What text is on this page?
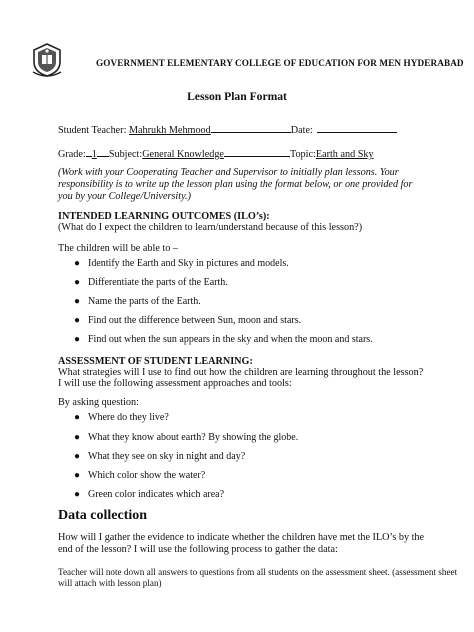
GOVERNMENT ELEMENTARY COLLEGE OF EDUCATION FOR MEN HYDERABAD
Lesson Plan Format
Student Teacher: Mahrukh Mehmood	Date:
Grade: 1 Subject:General Knowledge	Topic:Earth and Sky
(Work with your Cooperating Teacher and Supervisor to initially plan lessons. Your
responsibility is to write up the lesson plan using the format below, or one provided for
you by your College/University.)
INTENDED LEARNING OUTCOMES (ILO’s):
(What do I expect the children to learn/understand because of this lesson?)
The children will be able to –
● Identify the Earth and Sky in pictures and models.
● Differentiate the parts of the Earth.
● Name the parts of the Earth.
● Find out the difference between Sun, moon and stars.
● Find out when the sun appears in the sky and when the moon and stars.
ASSESSMENT OF STUDENT LEARNING:
What strategies will I use to find out how the children are learning throughout the lesson?
I will use the following assessment approaches and tools:
By asking question:
● Where do they live?
● What they know about earth? By showing the globe.
● What they see on sky in night and day?
● Which color show the water?
● Green color indicates which area?
Data collection
How will I gather the evidence to indicate whether the children have met the ILO’s by the
end of the lesson? I will use the following process to gather the data:
Teacher will note down all answers to questions from all students on the assessment sheet. (assessment sheet
will attach with lesson plan)
